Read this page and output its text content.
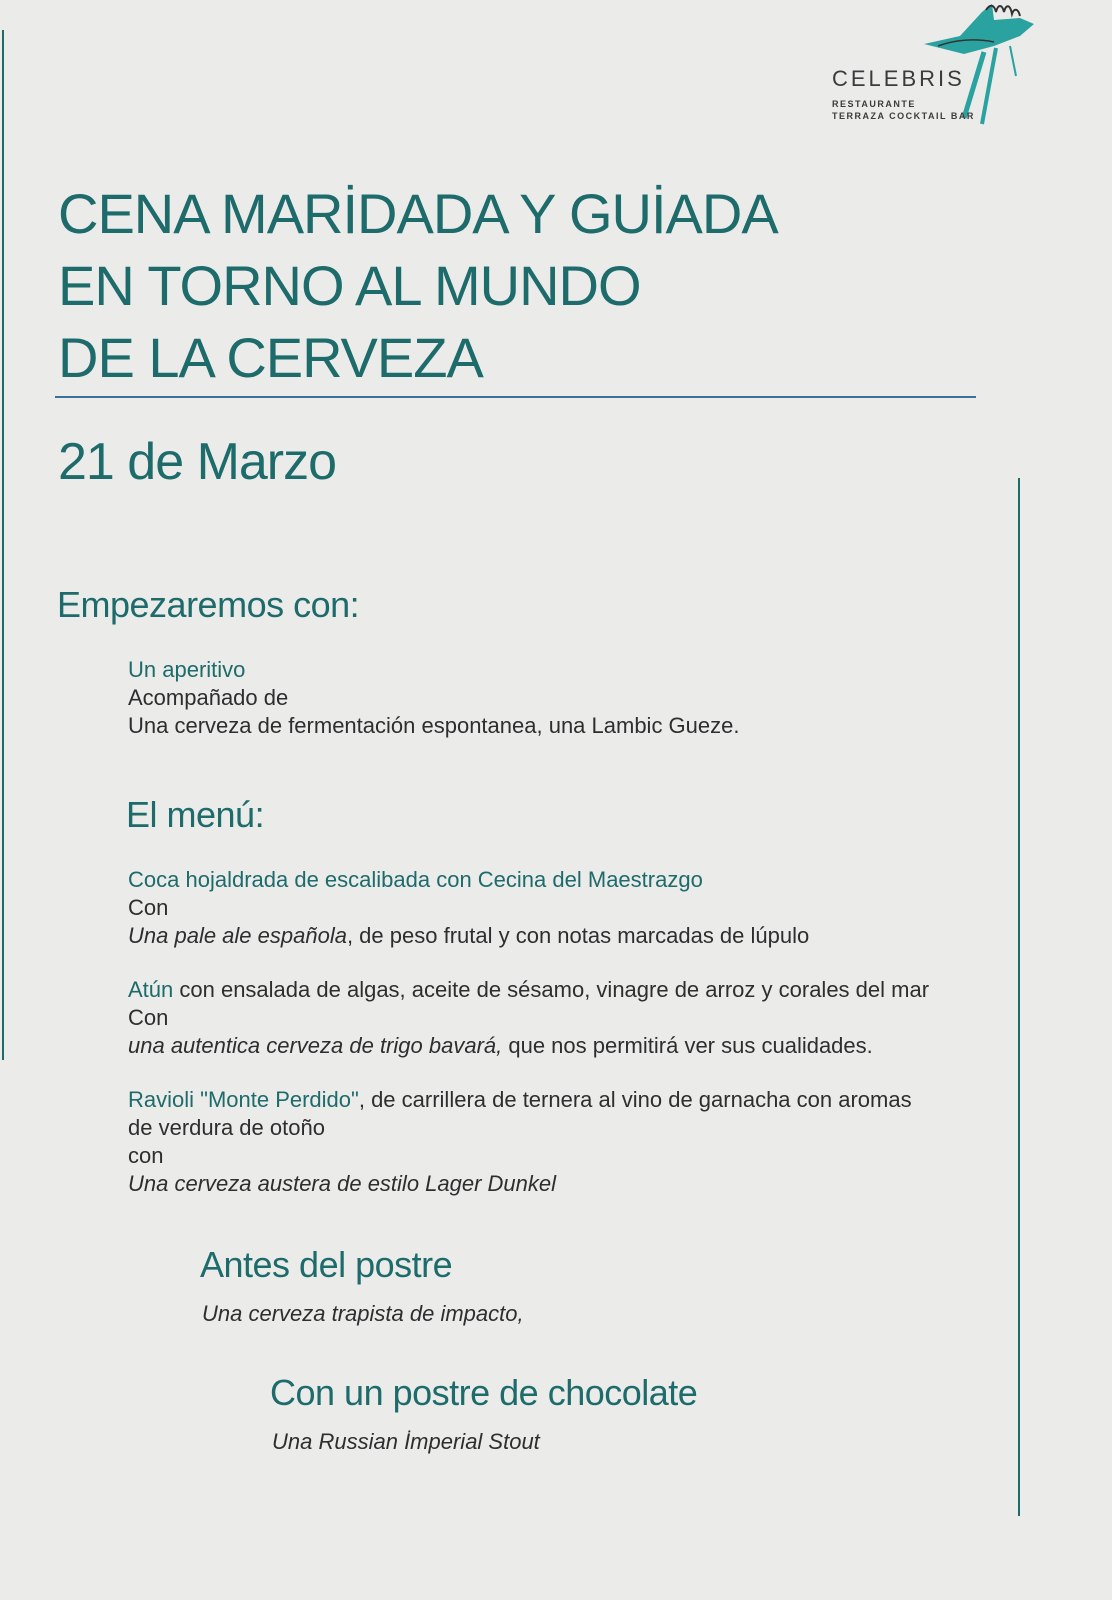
CELEBRIS
RESTAURANTE
TERRAZA COCKTAIL BAR
CENA MARİDADA Y GUİADA
EN TORNO AL MUNDO
DE LA CERVEZA
21 de Marzo
Empezaremos con:
Un aperitivo
Acompañado de
Una cerveza de fermentación espontanea, una Lambic Gueze.
El menú:
Coca hojaldrada de escalibada con Cecina del Maestrazgo
Con
Una pale ale española, de peso frutal y con notas marcadas de lúpulo
Atún con ensalada de algas, aceite de sésamo, vinagre de arroz y corales del mar
Con
una autentica cerveza de trigo bavará, que nos permitirá ver sus cualidades.
Ravioli "Monte Perdido", de carrillera de ternera al vino de garnacha con aromas
de verdura de otoño
con
Una cerveza austera de estilo Lager Dunkel
Antes del postre
Una cerveza trapista de impacto,
Con un postre de chocolate
Una Russian İmperial Stout
